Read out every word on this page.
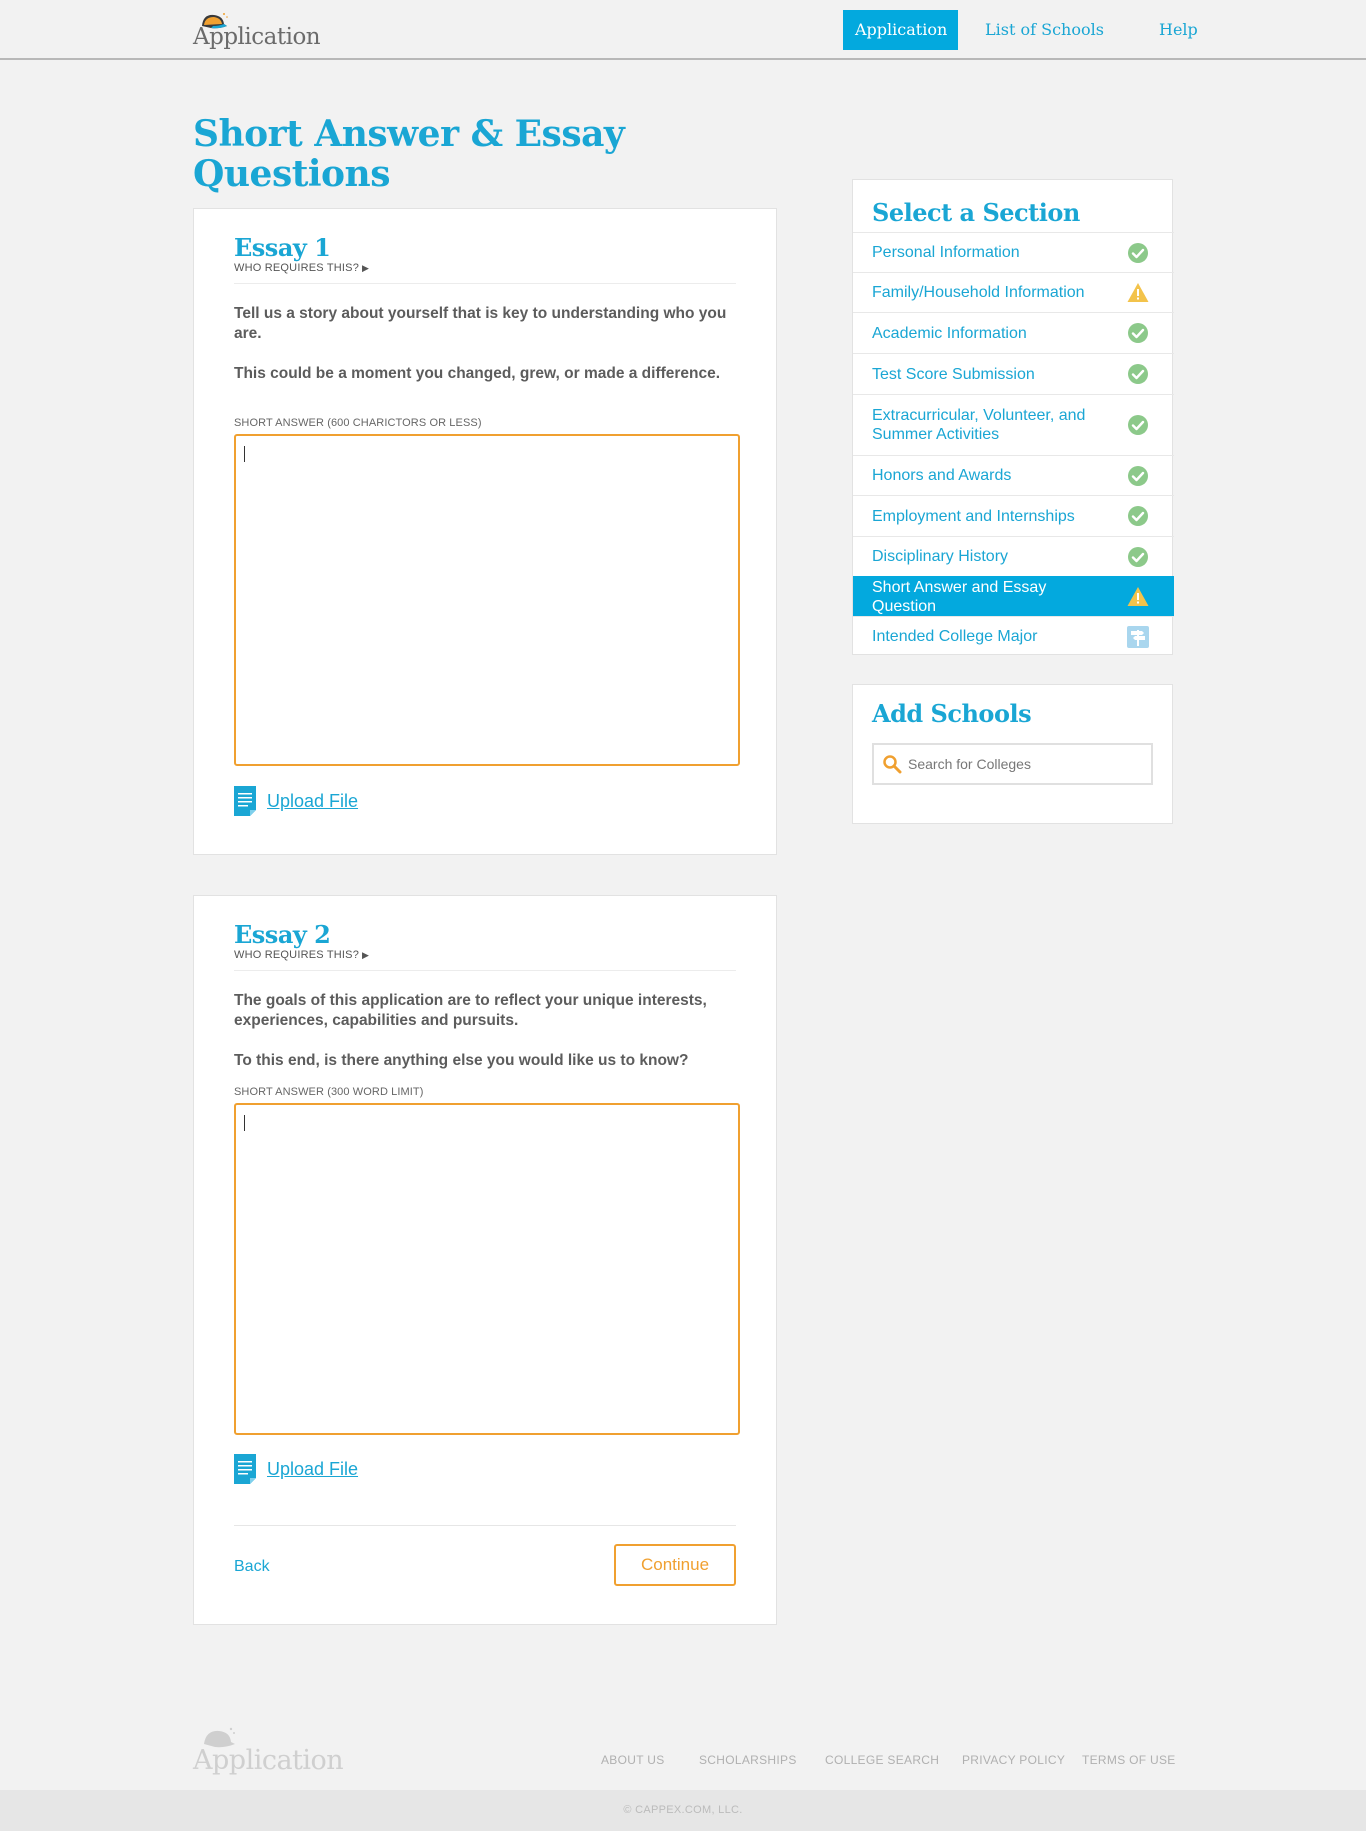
Application	Application	List of Schools	Help
Short Answer & Essay Questions
Essay 1
WHO REQUIRES THIS? ▶

Tell us a story about yourself that is key to understanding who you are.

This could be a moment you changed, grew, or made a difference.

SHORT ANSWER (600 CHARICTORS OR LESS)
Upload File
Essay 2
WHO REQUIRES THIS? ▶

The goals of this application are to reflect your unique interests, experiences, capabilities and pursuits.

To this end, is there anything else you would like us to know?

SHORT ANSWER (300 WORD LIMIT)
Upload File
Back	Continue
Select a Section
Personal Information
Family/Household Information
Academic Information
Test Score Submission
Extracurricular, Volunteer, and Summer Activities
Honors and Awards
Employment and Internships
Disciplinary History
Short Answer and Essay Question
Intended College Major
Add Schools
Search for Colleges
Application	ABOUT US	SCHOLARSHIPS COLLEGE SEARCH PRIVACY POLICY TERMS OF USE
© CAPPEX.COM, LLC.
